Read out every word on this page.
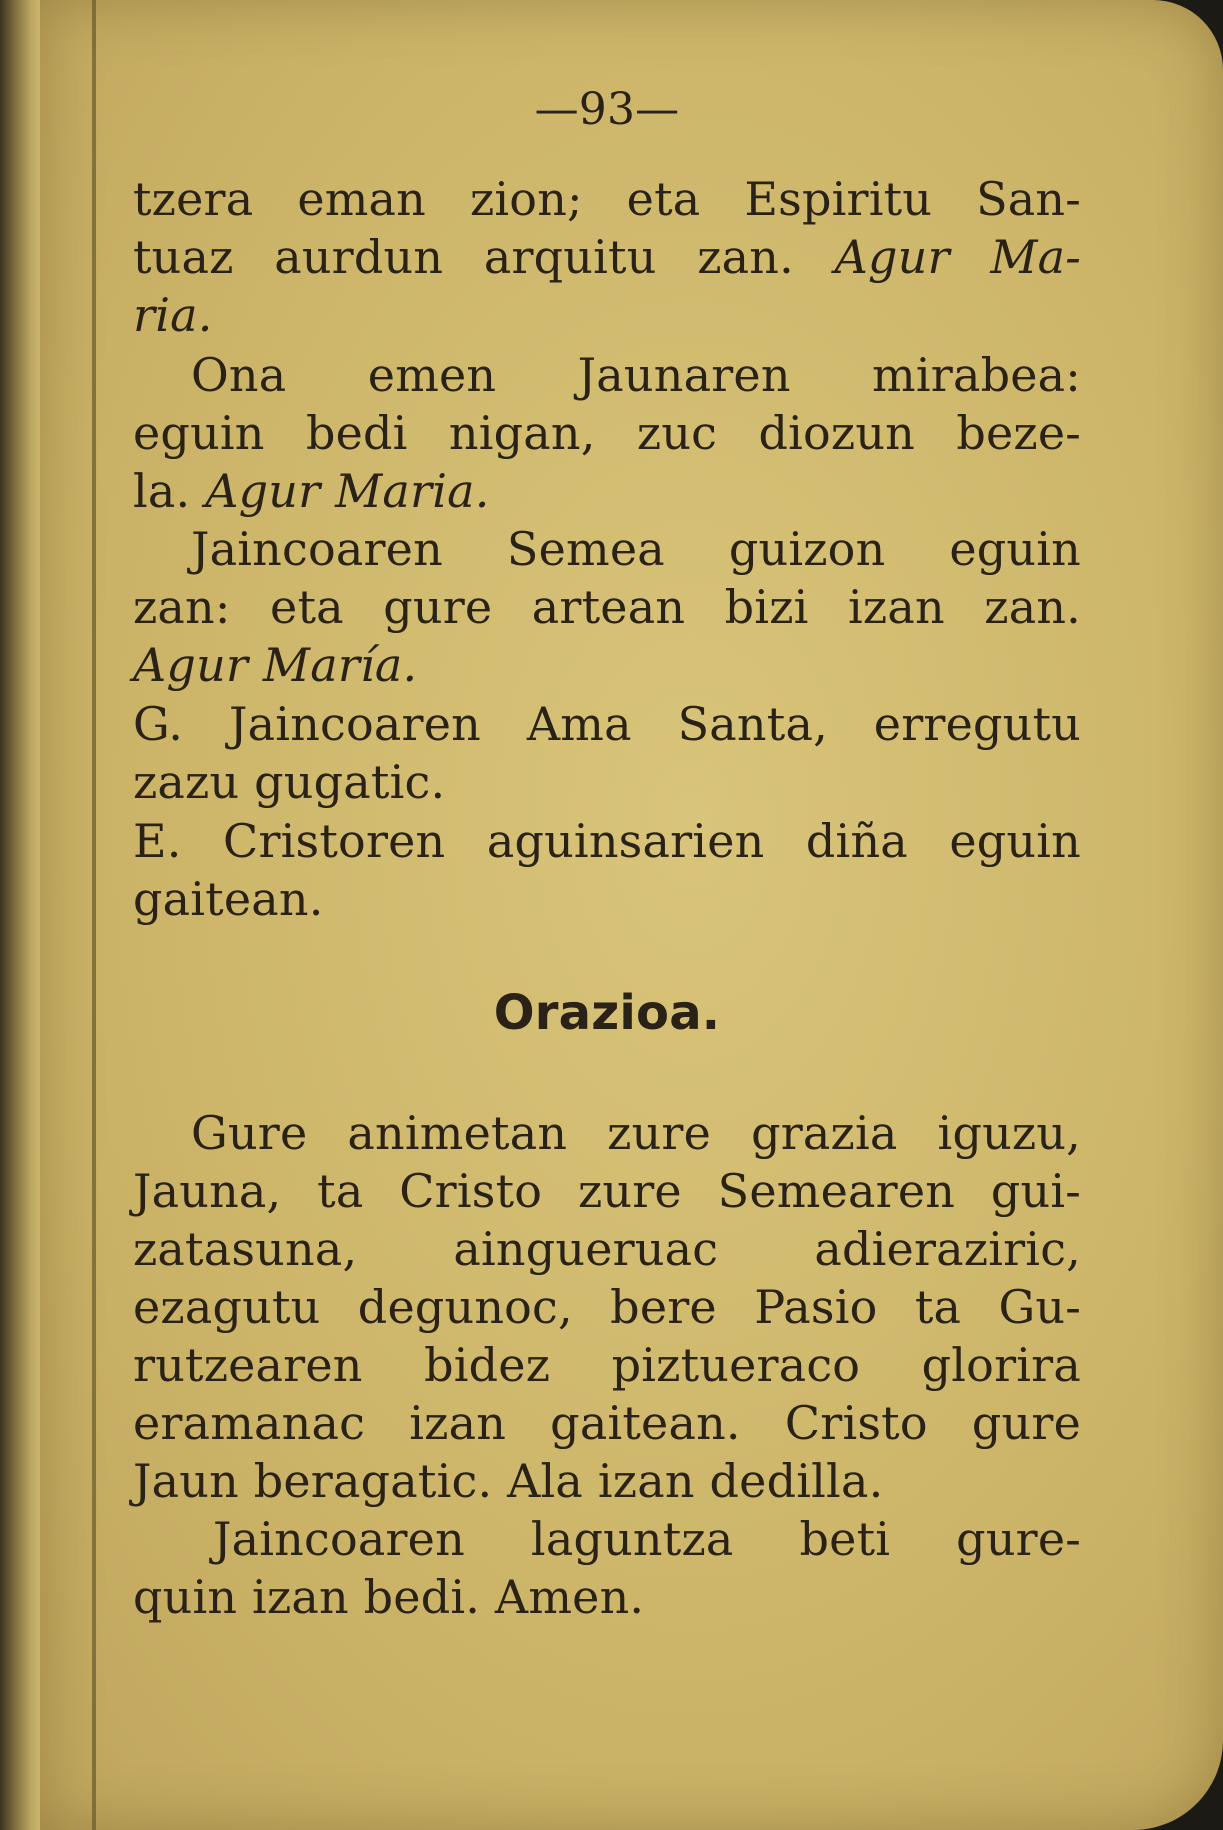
—93—
tzera eman zion; eta Espiritu San-
tuaz aurdun arquitu zan. Agur Ma-
ria.
Ona emen Jaunaren mirabea:
eguin bedi nigan, zuc diozun beze-
la. Agur Maria.
Jaincoaren Semea guizon eguin
zan: eta gure artean bizi izan zan.
Agur María.
G. Jaincoaren Ama Santa, erregutu
zazu gugatic.
E. Cristoren aguinsarien diña eguin
gaitean.
Orazioa.
Gure animetan zure grazia iguzu,
Jauna, ta Cristo zure Semearen gui-
zatasuna, aingueruac adieraziric,
ezagutu degunoc, bere Pasio ta Gu-
rutzearen bidez piztueraco glorira
eramanac izan gaitean. Cristo gure
Jaun beragatic. Ala izan dedilla.
Jaincoaren laguntza beti gure-
quin izan bedi. Amen.
